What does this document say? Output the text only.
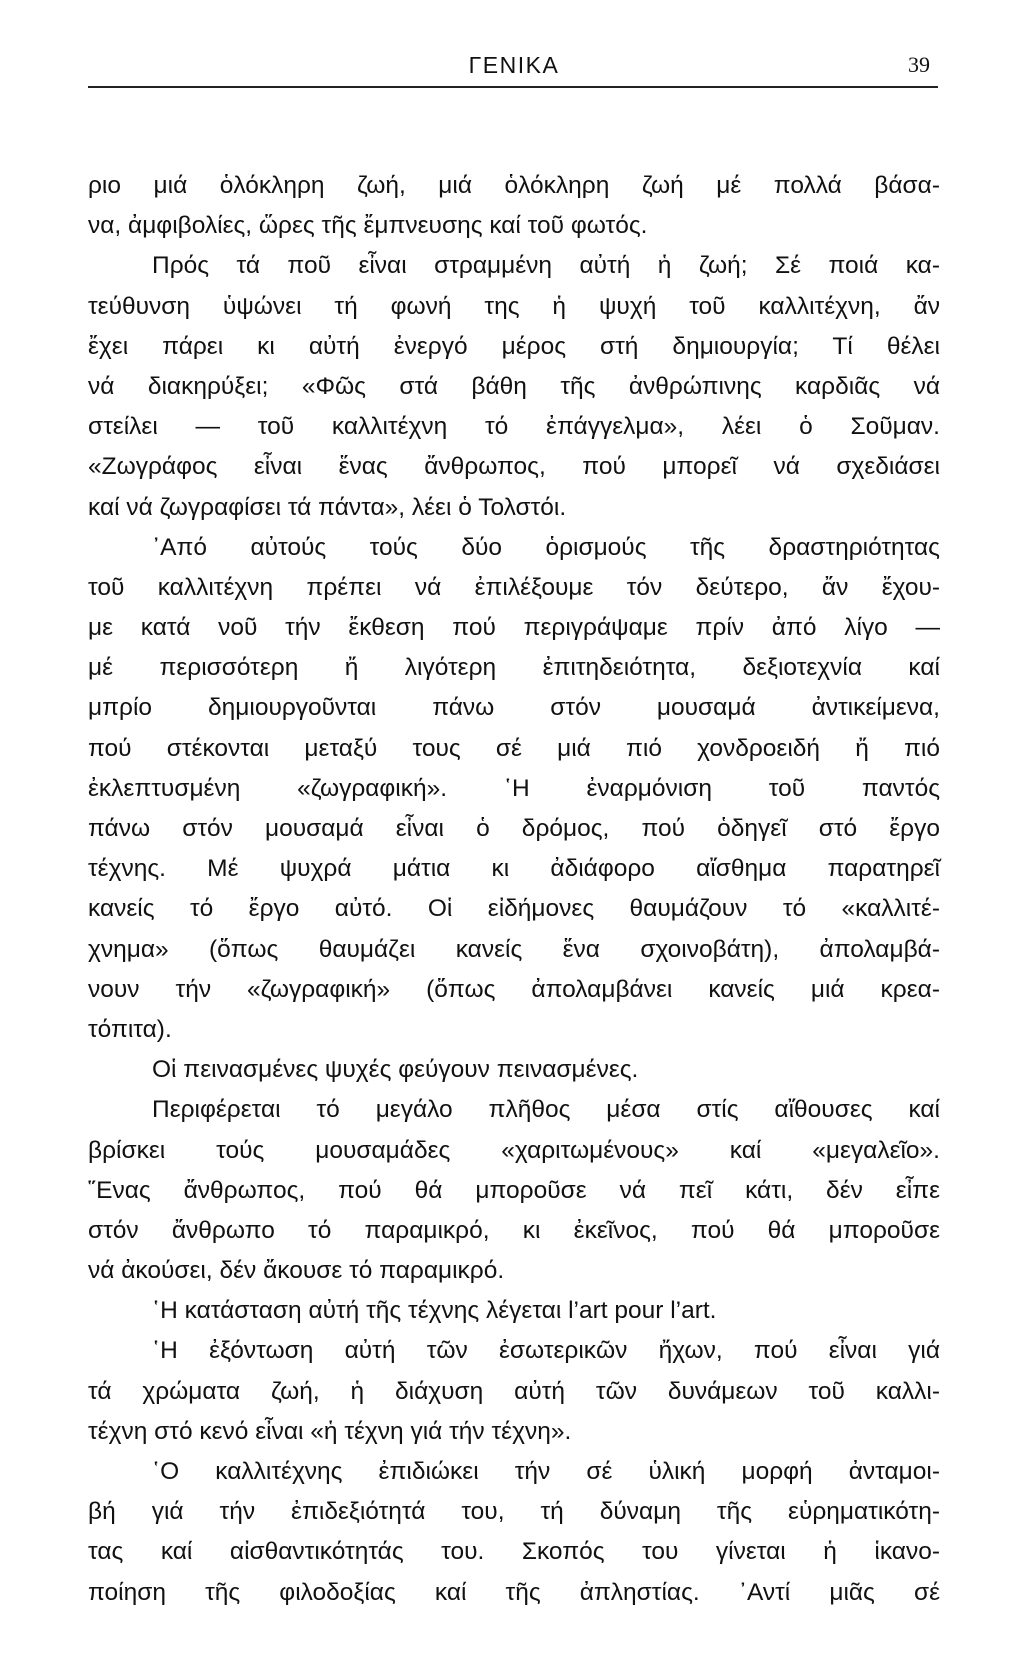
ΓΕΝΙΚΑ	39
ριο μιά ὁλόκληρη ζωή, μιά ὁλόκληρη ζωή μέ πολλά βάσα-
να, ἀμφιβολίες, ὥρες τῆς ἔμπνευσης καί τοῦ φωτός.
Πρός τά ποῦ εἶναι στραμμένη αὐτή ἡ ζωή; Σέ ποιά κα-
τεύθυνση ὑψώνει τή φωνή της ἡ ψυχή τοῦ καλλιτέχνη, ἄν
ἔχει πάρει κι αὐτή ἐνεργό μέρος στή δημιουργία; Τί θέλει
νά διακηρύξει; «Φῶς στά βάθη τῆς ἀνθρώπινης καρδιᾶς νά
στείλει — τοῦ καλλιτέχνη τό ἐπάγγελμα», λέει ὁ Σοῦμαν.
«Ζωγράφος εἶναι ἕνας ἄνθρωπος, πού μπορεῖ νά σχεδιάσει
καί νά ζωγραφίσει τά πάντα», λέει ὁ Τολστόι.
᾿Από αὐτούς τούς δύο ὁρισμούς τῆς δραστηριότητας
τοῦ καλλιτέχνη πρέπει νά ἐπιλέξουμε τόν δεύτερο, ἄν ἔχου-
με κατά νοῦ τήν ἔκθεση πού περιγράψαμε πρίν ἀπό λίγο —
μέ περισσότερη ἤ λιγότερη ἐπιτηδειότητα, δεξιοτεχνία καί
μπρίο δημιουργοῦνται πάνω στόν μουσαμά ἀντικείμενα,
πού στέκονται μεταξύ τους σέ μιά πιό χονδροειδή ἤ πιό
ἐκλεπτυσμένη «ζωγραφική». ῾Η ἐναρμόνιση τοῦ παντός
πάνω στόν μουσαμά εἶναι ὁ δρόμος, πού ὁδηγεῖ στό ἔργο
τέχνης. Μέ ψυχρά μάτια κι ἀδιάφορο αἴσθημα παρατηρεῖ
κανείς τό ἔργο αὐτό. Οἱ εἰδήμονες θαυμάζουν τό «καλλιτέ-
χνημα» (ὅπως θαυμάζει κανείς ἕνα σχοινοβάτη), ἀπολαμβά-
νουν τήν «ζωγραφική» (ὅπως ἀπολαμβάνει κανείς μιά κρεα-
τόπιτα).
Οἱ πεινασμένες ψυχές φεύγουν πεινασμένες.
Περιφέρεται τό μεγάλο πλῆθος μέσα στίς αἴθουσες καί
βρίσκει τούς μουσαμάδες «χαριτωμένους» καί «μεγαλεῖο».
῞Ενας ἄνθρωπος, πού θά μποροῦσε νά πεῖ κάτι, δέν εἶπε
στόν ἄνθρωπο τό παραμικρό, κι ἐκεῖνος, πού θά μποροῦσε
νά ἀκούσει, δέν ἄκουσε τό παραμικρό.
῾Η κατάσταση αὐτή τῆς τέχνης λέγεται l’art pour l’art.
῾Η ἐξόντωση αὐτή τῶν ἐσωτερικῶν ἤχων, πού εἶναι γιά
τά χρώματα ζωή, ἡ διάχυση αὐτή τῶν δυνάμεων τοῦ καλλι-
τέχνη στό κενό εἶναι «ἡ τέχνη γιά τήν τέχνη».
῾Ο καλλιτέχνης ἐπιδιώκει τήν σέ ὑλική μορφή ἀνταμοι-
βή γιά τήν ἐπιδεξιότητά του, τή δύναμη τῆς εὑρηματικότη-
τας καί αἰσθαντικότητάς του. Σκοπός του γίνεται ἡ ἱκανο-
ποίηση τῆς φιλοδοξίας καί τῆς ἀπληστίας. ᾿Αντί μιᾶς σέ
